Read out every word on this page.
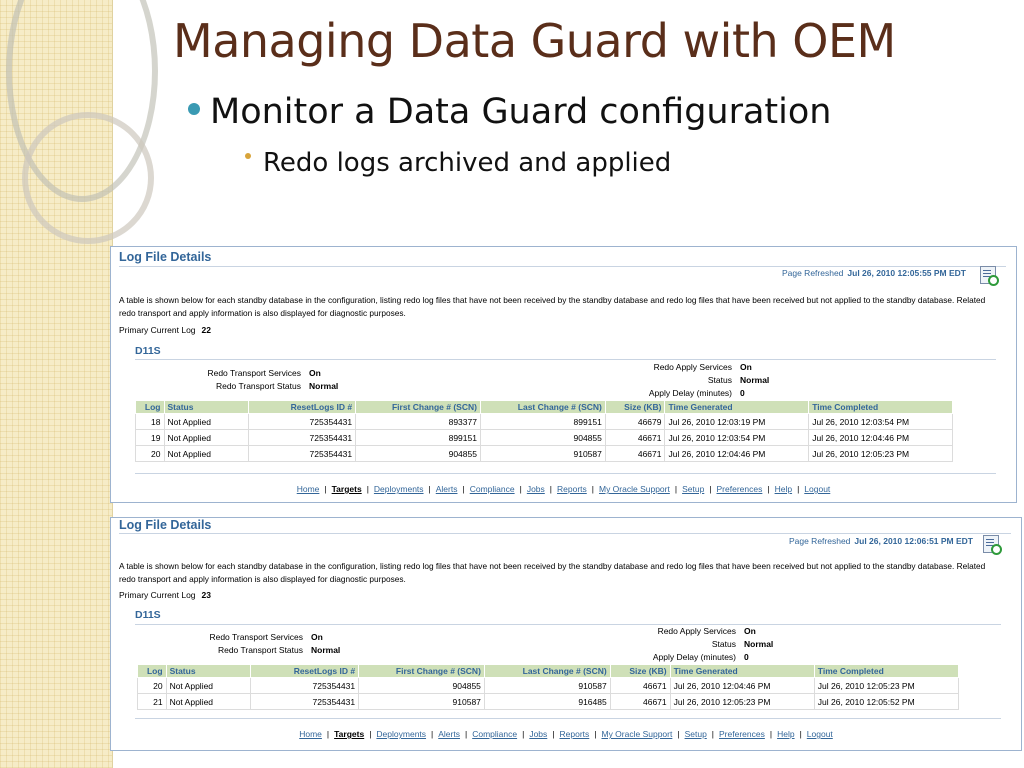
Managing Data Guard with OEM
Monitor a Data Guard configuration
Redo logs archived and applied
Log File Details
Page Refreshed Jul 26, 2010 12:05:55 PM EDT
A table is shown below for each standby database in the configuration, listing redo log files that have not been received by the standby database and redo log files that have been received but not applied to the standby database. Related redo transport and apply information is also displayed for diagnostic purposes.
Primary Current Log 22
D11S
Redo Transport Services On
Redo Transport Status Normal
Redo Apply Services On
Status Normal
Apply Delay (minutes) 0
Log	Status	ResetLogs ID #	First Change # (SCN)	Last Change # (SCN)	Size (KB)	Time Generated	Time Completed
18	Not Applied	725354431	893377	899151	46679	Jul 26, 2010 12:03:19 PM	Jul 26, 2010 12:03:54 PM
19	Not Applied	725354431	899151	904855	46671	Jul 26, 2010 12:03:54 PM	Jul 26, 2010 12:04:46 PM
20	Not Applied	725354431	904855	910587	46671	Jul 26, 2010 12:04:46 PM	Jul 26, 2010 12:05:23 PM
Home | Targets | Deployments | Alerts | Compliance | Jobs | Reports | My Oracle Support | Setup | Preferences | Help | Logout
Log File Details
Page Refreshed Jul 26, 2010 12:06:51 PM EDT
A table is shown below for each standby database in the configuration, listing redo log files that have not been received by the standby database and redo log files that have been received but not applied to the standby database. Related redo transport and apply information is also displayed for diagnostic purposes.
Primary Current Log 23
D11S
Redo Transport Services On
Redo Transport Status Normal
Redo Apply Services On
Status Normal
Apply Delay (minutes) 0
Log	Status	ResetLogs ID #	First Change # (SCN)	Last Change # (SCN)	Size (KB)	Time Generated	Time Completed
20	Not Applied	725354431	904855	910587	46671	Jul 26, 2010 12:04:46 PM	Jul 26, 2010 12:05:23 PM
21	Not Applied	725354431	910587	916485	46671	Jul 26, 2010 12:05:23 PM	Jul 26, 2010 12:05:52 PM
Home | Targets | Deployments | Alerts | Compliance | Jobs | Reports | My Oracle Support | Setup | Preferences | Help | Logout
